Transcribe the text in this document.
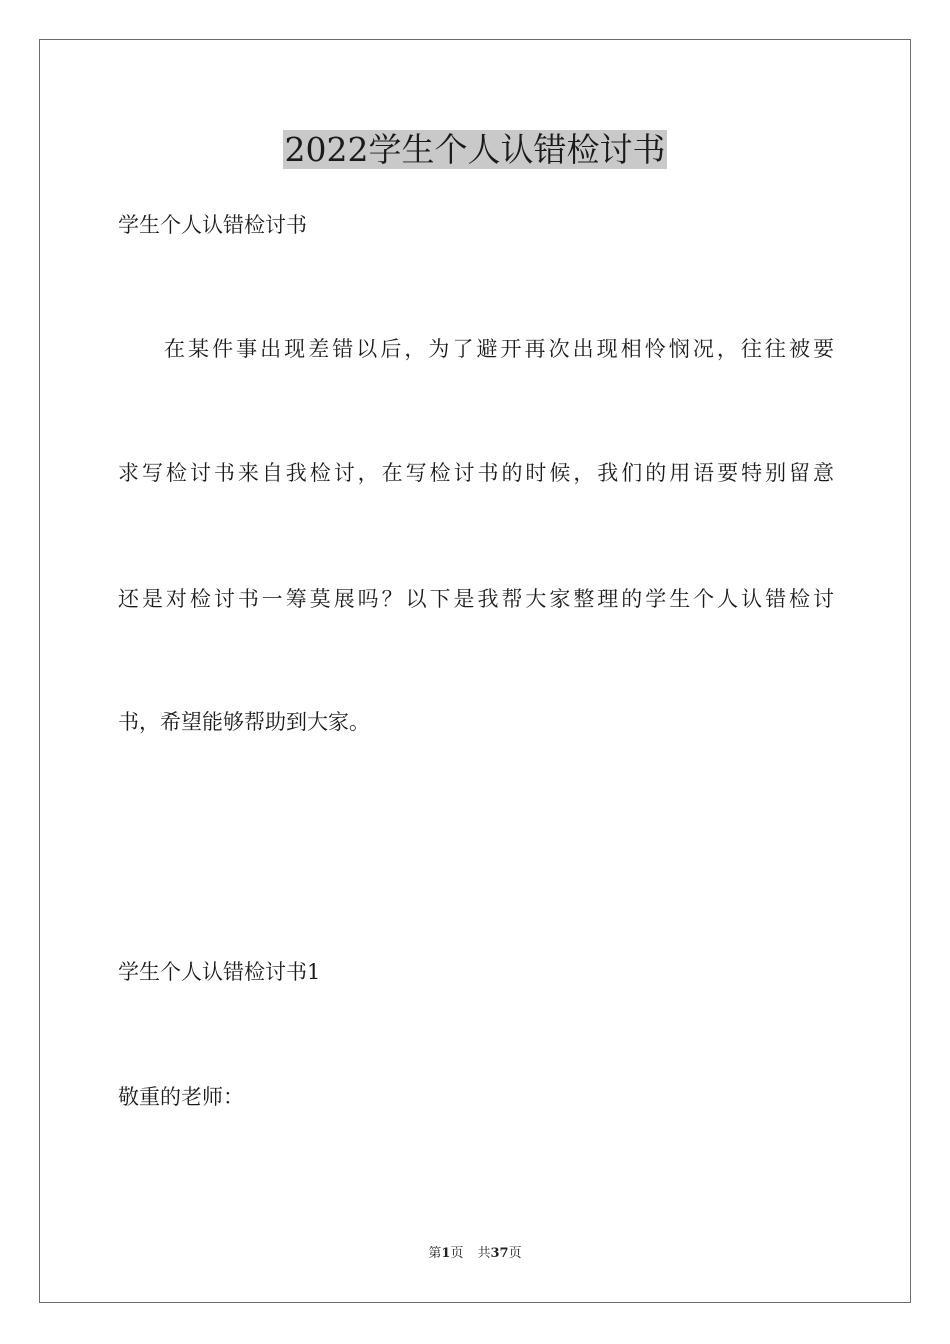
2022学生个人认错检讨书
学生个人认错检讨书
在某件事出现差错以后，为了避开再次出现相怜悯况，往往被要
求写检讨书来自我检讨，在写检讨书的时候，我们的用语要特别留意
还是对检讨书一筹莫展吗？以下是我帮大家整理的学生个人认错检讨
书，希望能够帮助到大家。
学生个人认错检讨书1
敬重的老师：
第1页 共37页
